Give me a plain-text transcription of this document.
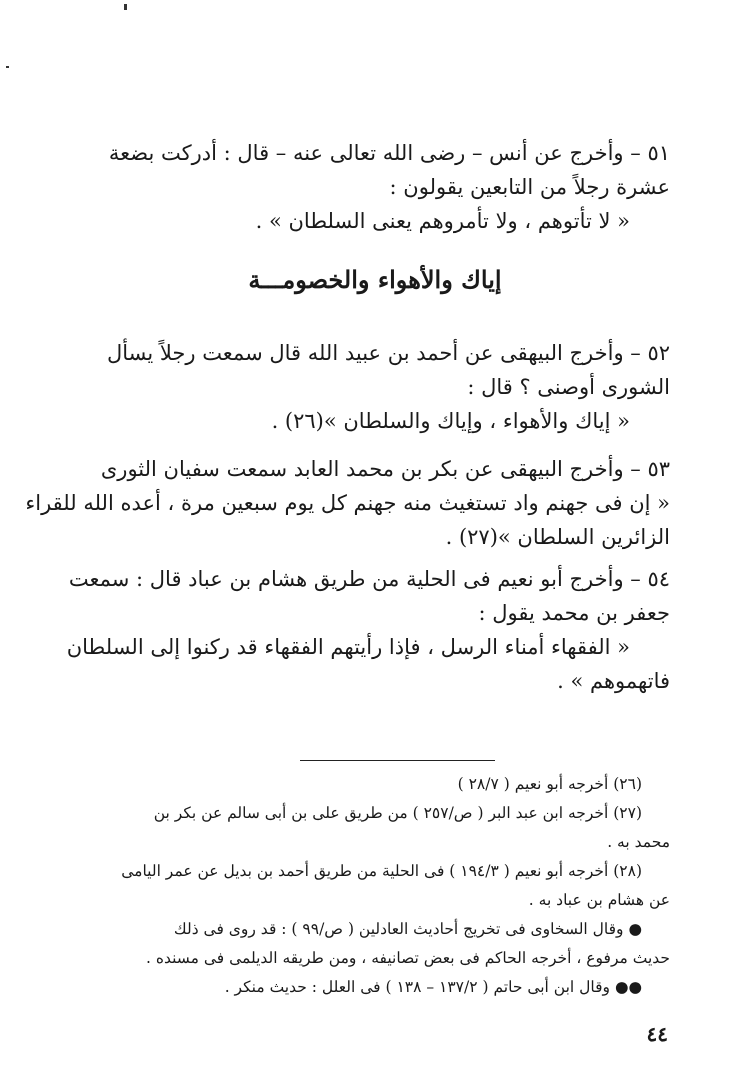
٥١ – وأخرج عن أنس – رضى الله تعالى عنه – قال : أدركت بضعة
عشرة رجلاً من التابعين يقولون :
« لا تأتوهم ، ولا تأمروهم يعنى السلطان » .
إياك والأهواء والخصومـــة
٥٢ – وأخرج البيهقى عن أحمد بن عبيد الله قال سمعت رجلاً يسأل
الشورى أوصنى ؟ قال :
« إياك والأهواء ، وإياك والسلطان »(٢٦) .
٥٣ – وأخرج البيهقى عن بكر بن محمد العابد سمعت سفيان الثورى
« إن فى جهنم واد تستغيث منه جهنم كل يوم سبعين مرة ، أعده الله للقراء
الزائرين السلطان »(٢٧) .
٥٤ – وأخرج أبو نعيم فى الحلية من طريق هشام بن عباد قال : سمعت
جعفر بن محمد يقول :
« الفقهاء أمناء الرسل ، فإذا رأيتهم الفقهاء قد ركنوا إلى السلطان
فاتهموهم » .
(٢٦) أخرجه أبو نعيم ( ٢٨/٧ )
(٢٧) أخرجه ابن عبد البر ( ص/٢٥٧ ) من طريق على بن أبى سالم عن بكر بن
محمد به .
(٢٨) أخرجه أبو نعيم ( ١٩٤/٣ ) فى الحلية من طريق أحمد بن بديل عن عمر اليامى
عن هشام بن عباد به .
● وقال السخاوى فى تخريج أحاديث العادلين ( ص/٩٩ ) : قد روى فى ذلك
حديث مرفوع ، أخرجه الحاكم فى بعض تصانيفه ، ومن طريقه الديلمى فى مسنده .
●● وقال ابن أبى حاتم ( ١٣٧/٢ – ١٣٨ ) فى العلل : حديث منكر .
٤٤
